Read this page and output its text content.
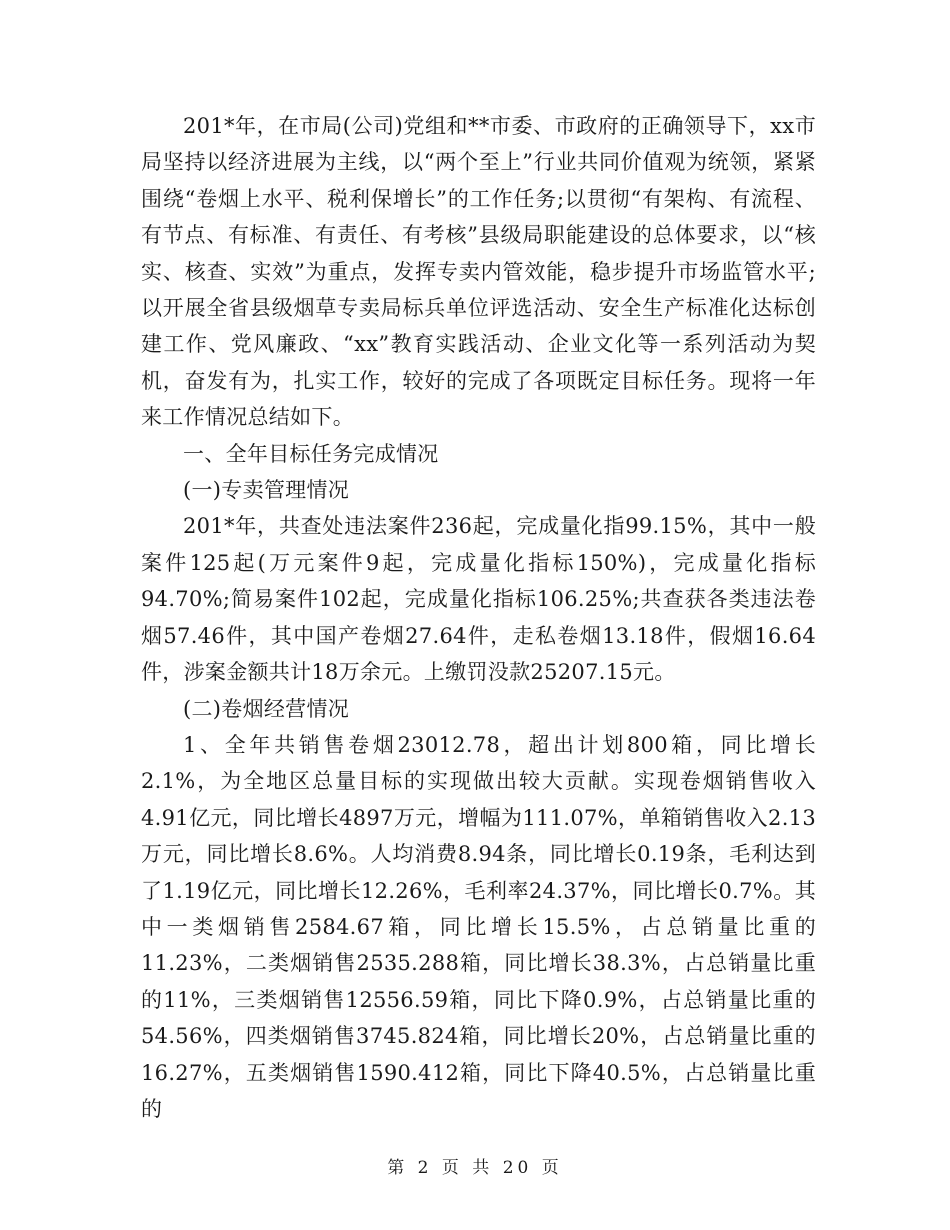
201*年，在市局(公司)党组和**市委、市政府的正确领导下，xx市局坚持以经济进展为主线，以“两个至上”行业共同价值观为统领，紧紧围绕“卷烟上水平、税利保增长”的工作任务;以贯彻“有架构、有流程、有节点、有标准、有责任、有考核”县级局职能建设的总体要求，以“核实、核查、实效”为重点，发挥专卖内管效能，稳步提升市场监管水平;以开展全省县级烟草专卖局标兵单位评选活动、安全生产标准化达标创建工作、党风廉政、“xx”教育实践活动、企业文化等一系列活动为契机，奋发有为，扎实工作，较好的完成了各项既定目标任务。现将一年来工作情况总结如下。

一、全年目标任务完成情况

(一)专卖管理情况

201*年，共查处违法案件236起，完成量化指99.15%，其中一般案件125起(万元案件9起，完成量化指标150%)，完成量化指标94.70%;简易案件102起，完成量化指标106.25%;共查获各类违法卷烟57.46件，其中国产卷烟27.64件，走私卷烟13.18件，假烟16.64件，涉案金额共计18万余元。上缴罚没款25207.15元。

(二)卷烟经营情况

1、全年共销售卷烟23012.78，超出计划800箱，同比增长2.1%，为全地区总量目标的实现做出较大贡献。实现卷烟销售收入4.91亿元，同比增长4897万元，增幅为111.07%，单箱销售收入2.13万元，同比增长8.6%。人均消费8.94条，同比增长0.19条，毛利达到了1.19亿元，同比增长12.26%，毛利率24.37%，同比增长0.7%。其中一类烟销售2584.67箱，同比增长15.5%，占总销量比重的11.23%，二类烟销售2535.288箱，同比增长38.3%，占总销量比重的11%，三类烟销售12556.59箱，同比下降0.9%，占总销量比重的54.56%，四类烟销售3745.824箱，同比增长20%，占总销量比重的16.27%，五类烟销售1590.412箱，同比下降40.5%，占总销量比重的

第 2 页 共 20 页
